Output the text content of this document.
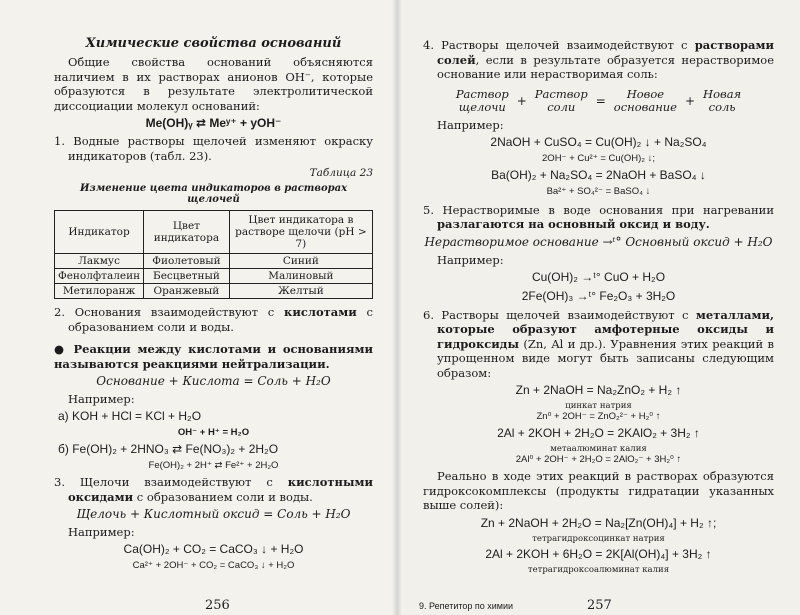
Химические свойства оснований

Общие свойства оснований объясняются наличием в их растворах анионов OH⁻, которые образуются в результате электролитической диссоциации молекул оснований:

Me(OH)ᵧ ⇄ Meʸ⁺ + yOH⁻
1. Водные растворы щелочей изменяют окраску индикаторов (табл. 23).
Таблица 23
Изменение цвета индикаторов в растворах щелочей
Индикатор	Цвет индикатора	Цвет индикатора в растворе щелочи (pH > 7)
Лакмус	Фиолетовый	Синий
Фенолфталеин	Бесцветный	Малиновый
Метилоранж	Оранжевый	Желтый
2. Основания взаимодействуют с кислотами с образованием соли и воды.

● Реакции между кислотами и основаниями называются реакциями нейтрализации.

Основание + Кислота = Соль + H₂O
Например:
а) KOH + HCl = KCl + H₂O
OH⁻ + H⁺ = H₂O
б) Fe(OH)₂ + 2HNO₃ ⇄ Fe(NO₃)₂ + 2H₂O
Fe(OH)₂ + 2H⁺ ⇄ Fe²⁺ + 2H₂O
3. Щелочи взаимодействуют с кислотными оксидами с образованием соли и воды.
Щелочь + Кислотный оксид = Соль + H₂O
Например:
Ca(OH)₂ + CO₂ = CaCO₃ ↓ + H₂O
Ca²⁺ + 2OH⁻ + CO₂ = CaCO₃ ↓ + H₂O
256
4. Растворы щелочей взаимодействуют с растворами солей, если в результате образуется нерастворимое основание или нерастворимая соль:
Раствор
щелочи + Раствор
соли	=	Новое
основание + Новая
соль
Например:
2NaOH + CuSO₄ = Cu(OH)₂ ↓ + Na₂SO₄
2OH⁻ + Cu²⁺ = Cu(OH)₂ ↓;
Ba(OH)₂ + Na₂SO₄ = 2NaOH + BaSO₄ ↓
Ba²⁺ + SO₄²⁻ = BaSO₄ ↓
5. Нерастворимые в воде основания при нагревании разлагаются на основный оксид и воду.
Нерастворимое основание →ᵗ° Основный оксид + H₂O
Например:
Cu(OH)₂ →ᵗ° CuO + H₂O
2Fe(OH)₃ →ᵗ° Fe₂O₃ + 3H₂O
6. Растворы щелочей взаимодействуют с металлами, которые образуют амфотерные оксиды и гидроксиды (Zn, Al и др.). Уравнения этих реакций в упрощенном виде могут быть записаны следующим образом:
Zn + 2NaOH = Na₂ZnO₂ + H₂ ↑
цинкат натрия
Zn⁰ + 2OH⁻ = ZnO₂²⁻ + H₂⁰ ↑
2Al + 2KOH + 2H₂O = 2KAlO₂ + 3H₂ ↑
метаалюминат калия
2Al⁰ + 2OH⁻ + 2H₂O = 2AlO₂⁻ + 3H₂⁰ ↑

Реально в ходе этих реакций в растворах образуются гидроксокомплексы (продукты гидратации указанных выше солей):

Zn + 2NaOH + 2H₂O = Na₂[Zn(OH)₄] + H₂ ↑;
тетрагидроксоцинкат натрия
2Al + 2KOH + 6H₂O = 2K[Al(OH)₄] + 3H₂ ↑
тетрагидроксоалюминат калия
9. Репетитор по химии	257
